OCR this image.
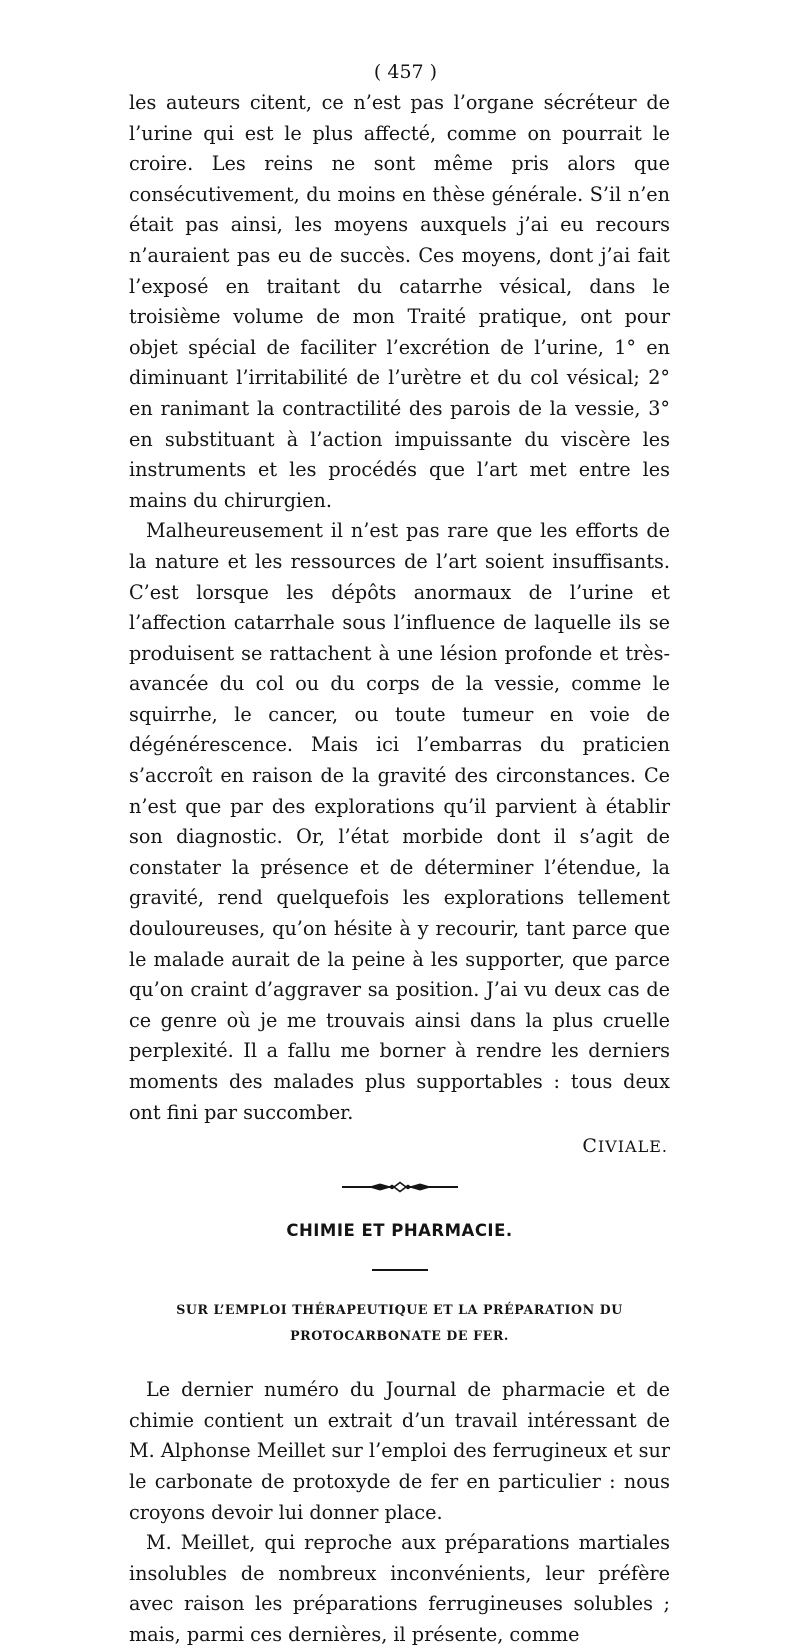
( 457 )

les auteurs citent, ce n’est pas l’organe sécréteur de l’urine qui est le plus affecté, comme on pourrait le croire. Les reins ne sont même pris alors que consécutivement, du moins en thèse générale. S’il n’en était pas ainsi, les moyens auxquels j’ai eu recours n’auraient pas eu de succès. Ces moyens, dont j’ai fait l’exposé en traitant du catarrhe vésical, dans le troisième volume de mon Traité pratique, ont pour objet spécial de faciliter l’excrétion de l’urine, 1° en diminuant l’irritabilité de l’urètre et du col vésical; 2° en ranimant la contractilité des parois de la vessie, 3° en substituant à l’action impuissante du viscère les instruments et les procédés que l’art met entre les mains du chirurgien.

Malheureusement il n’est pas rare que les efforts de la nature et les ressources de l’art soient insuffisants. C’est lorsque les dépôts anormaux de l’urine et l’affection catarrhale sous l’influence de laquelle ils se produisent se rattachent à une lésion profonde et très-avancée du col ou du corps de la vessie, comme le squirrhe, le cancer, ou toute tumeur en voie de dégénérescence. Mais ici l’embarras du praticien s’accroît en raison de la gravité des circonstances. Ce n’est que par des explorations qu’il parvient à établir son diagnostic. Or, l’état morbide dont il s’agit de constater la présence et de déterminer l’étendue, la gravité, rend quelquefois les explorations tellement douloureuses, qu’on hésite à y recourir, tant parce que le malade aurait de la peine à les supporter, que parce qu’on craint d’aggraver sa position. J’ai vu deux cas de ce genre où je me trouvais ainsi dans la plus cruelle perplexité. Il a fallu me borner à rendre les derniers moments des malades plus supportables : tous deux ont fini par succomber.

CIVIALE.
CHIMIE ET PHARMACIE.
SUR L’EMPLOI THÉRAPEUTIQUE ET LA PRÉPARATION DU PROTOCARBONATE DE FER.

Le dernier numéro du Journal de pharmacie et de chimie contient un extrait d’un travail intéressant de M. Alphonse Meillet sur l’emploi des ferrugineux et sur le carbonate de protoxyde de fer en particulier : nous croyons devoir lui donner place.

M. Meillet, qui reproche aux préparations martiales insolubles de nombreux inconvénients, leur préfère avec raison les préparations ferrugineuses solubles ; mais, parmi ces dernières, il présente, comme
